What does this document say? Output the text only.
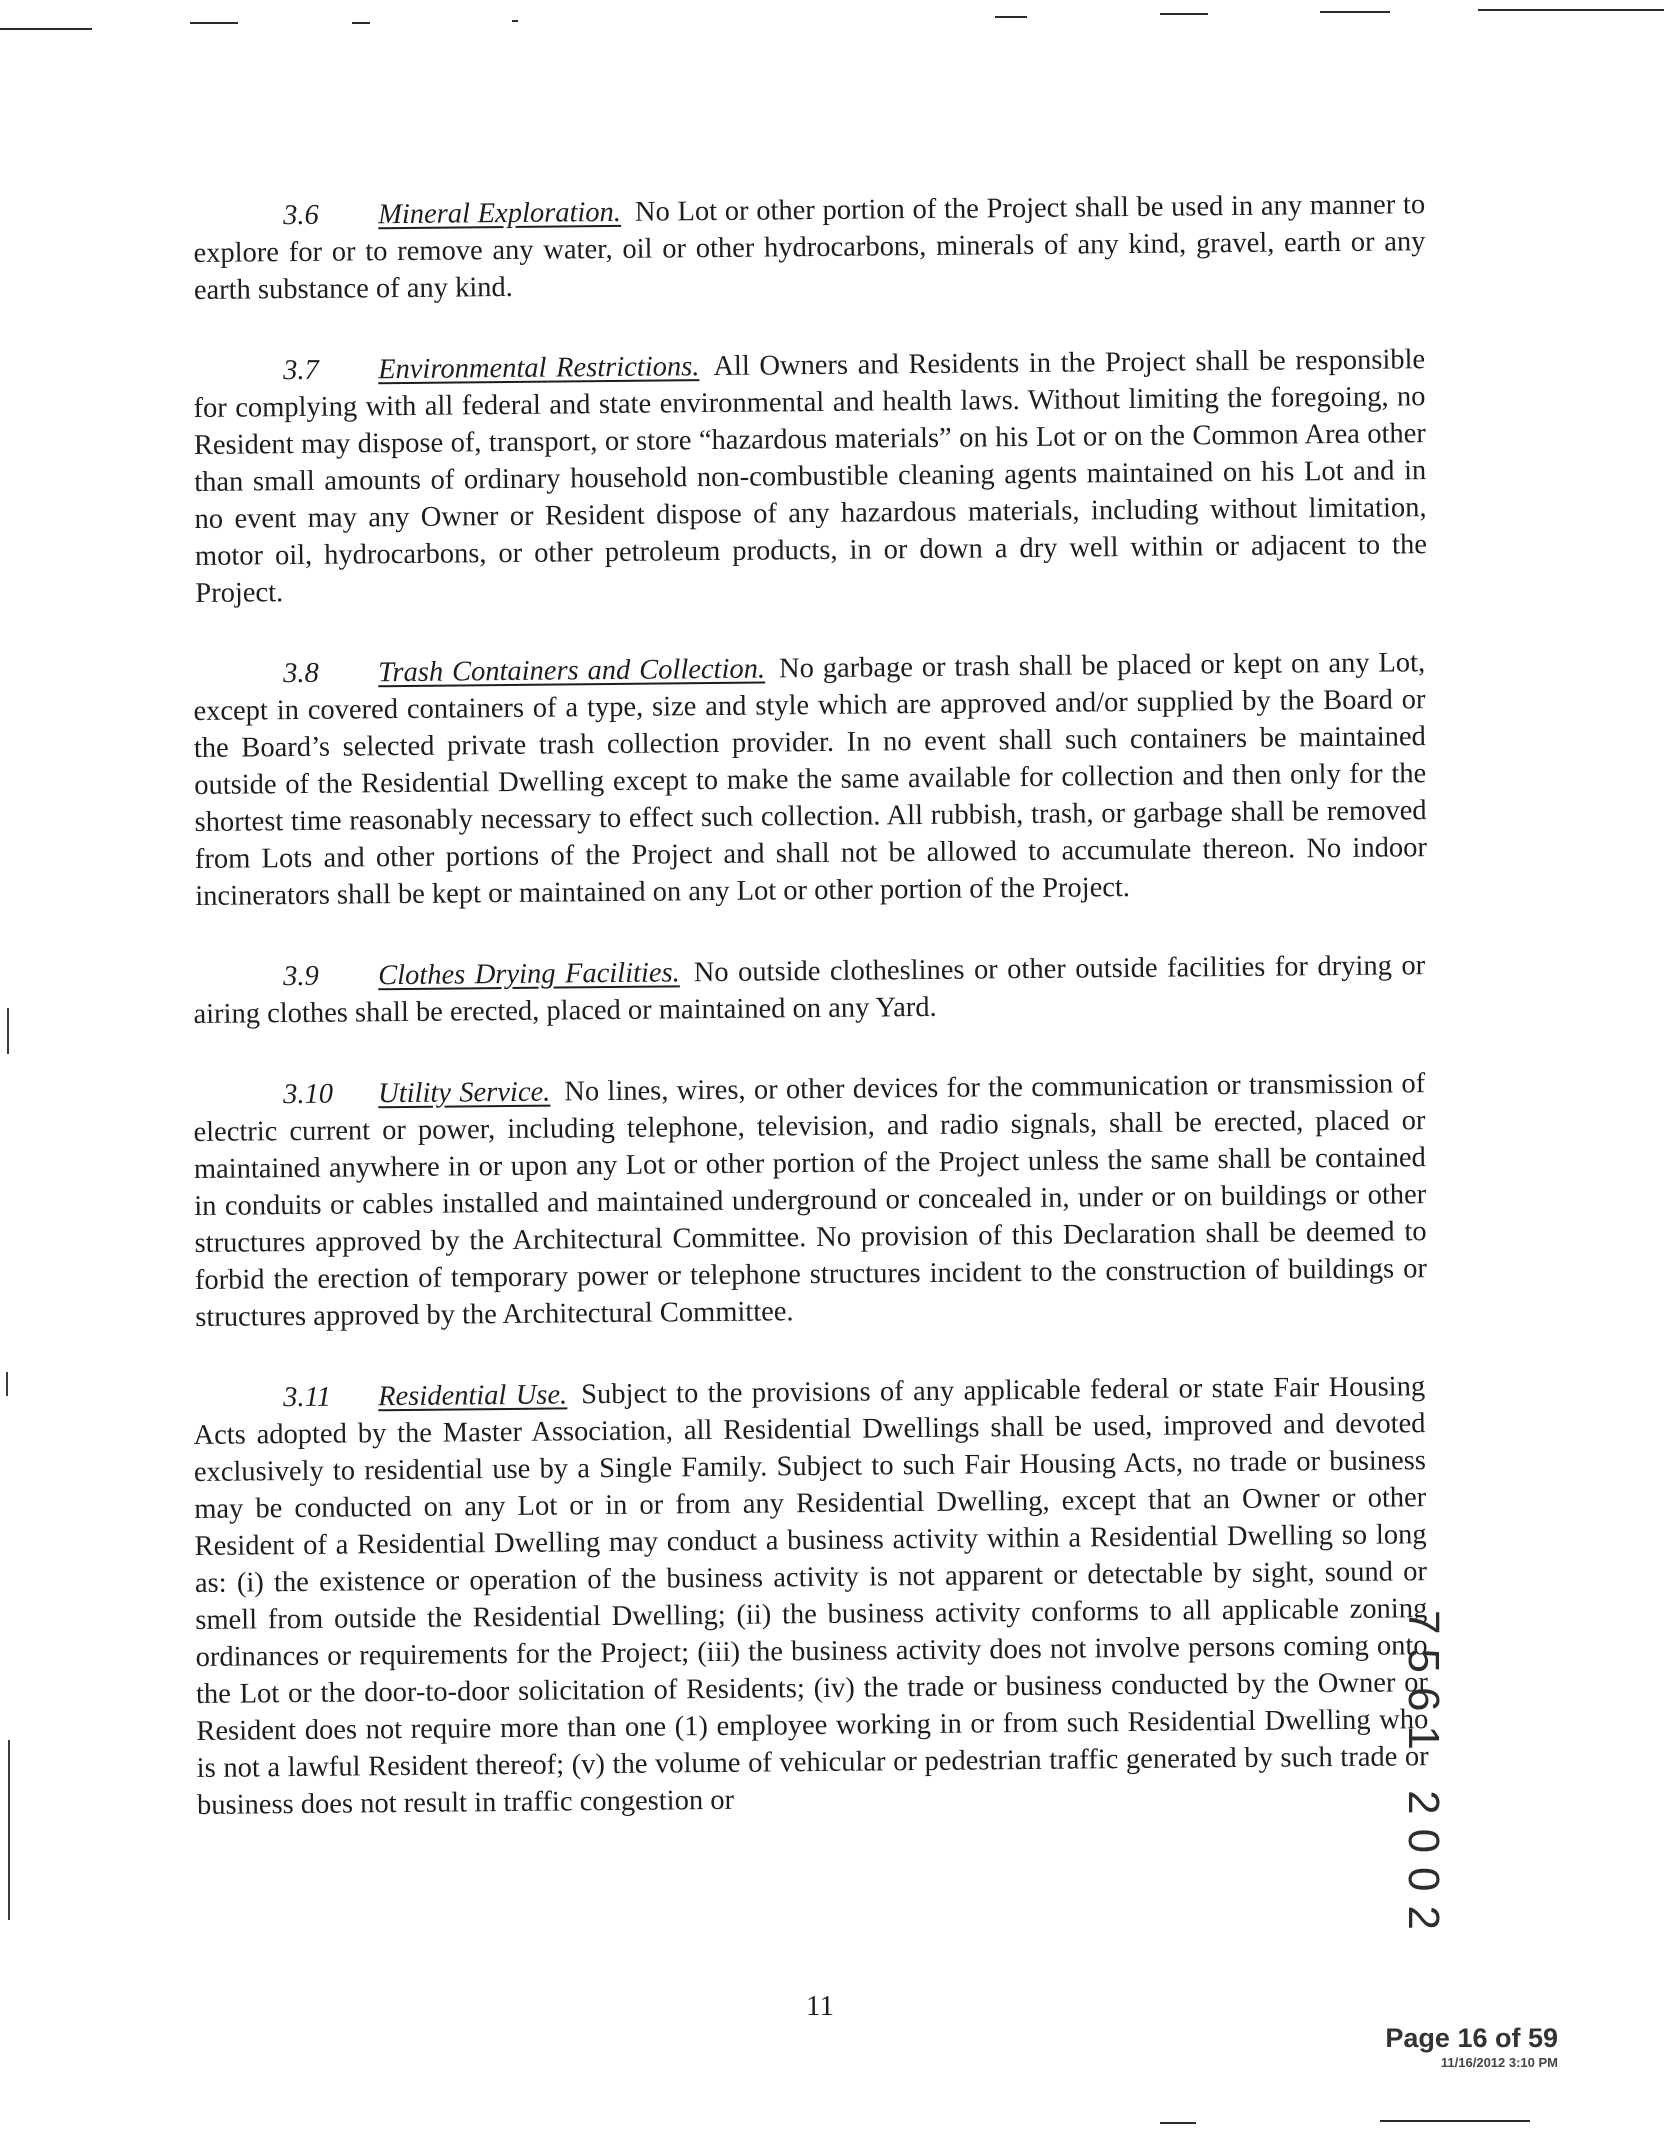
3.6 Mineral Exploration. No Lot or other portion of the Project shall be used in any manner to explore for or to remove any water, oil or other hydrocarbons, minerals of any kind, gravel, earth or any earth substance of any kind.

3.7 Environmental Restrictions. All Owners and Residents in the Project shall be responsible for complying with all federal and state environmental and health laws. Without limiting the foregoing, no Resident may dispose of, transport, or store “hazardous materials” on his Lot or on the Common Area other than small amounts of ordinary household non-combustible cleaning agents maintained on his Lot and in no event may any Owner or Resident dispose of any hazardous materials, including without limitation, motor oil, hydrocarbons, or other petroleum products, in or down a dry well within or adjacent to the Project.

3.8 Trash Containers and Collection. No garbage or trash shall be placed or kept on any Lot, except in covered containers of a type, size and style which are approved and/or supplied by the Board or the Board’s selected private trash collection provider. In no event shall such containers be maintained outside of the Residential Dwelling except to make the same available for collection and then only for the shortest time reasonably necessary to effect such collection. All rubbish, trash, or garbage shall be removed from Lots and other portions of the Project and shall not be allowed to accumulate thereon. No indoor incinerators shall be kept or maintained on any Lot or other portion of the Project.

3.9 Clothes Drying Facilities. No outside clotheslines or other outside facilities for drying or airing clothes shall be erected, placed or maintained on any Yard.

3.10 Utility Service. No lines, wires, or other devices for the communication or transmission of electric current or power, including telephone, television, and radio signals, shall be erected, placed or maintained anywhere in or upon any Lot or other portion of the Project unless the same shall be contained in conduits or cables installed and maintained underground or concealed in, under or on buildings or other structures approved by the Architectural Committee. No provision of this Declaration shall be deemed to forbid the erection of temporary power or telephone structures incident to the construction of buildings or structures approved by the Architectural Committee.

3.11 Residential Use. Subject to the provisions of any applicable federal or state Fair Housing Acts adopted by the Master Association, all Residential Dwellings shall be used, improved and devoted exclusively to residential use by a Single Family. Subject to such Fair Housing Acts, no trade or business may be conducted on any Lot or in or from any Residential Dwelling, except that an Owner or other Resident of a Residential Dwelling may conduct a business activity within a Residential Dwelling so long as: (i) the existence or operation of the business activity is not apparent or detectable by sight, sound or smell from outside the Residential Dwelling; (ii) the business activity conforms to all applicable zoning ordinances or requirements for the Project; (iii) the business activity does not involve persons coming onto the Lot or the door-to-door solicitation of Residents; (iv) the trade or business conducted by the Owner or Resident does not require more than one (1) employee working in or from such Residential Dwelling who is not a lawful Resident thereof; (v) the volume of vehicular or pedestrian traffic generated by such trade or business does not result in traffic congestion or	7561 2002
11
Page 16 of 59
11/16/2012 3:10 PM
